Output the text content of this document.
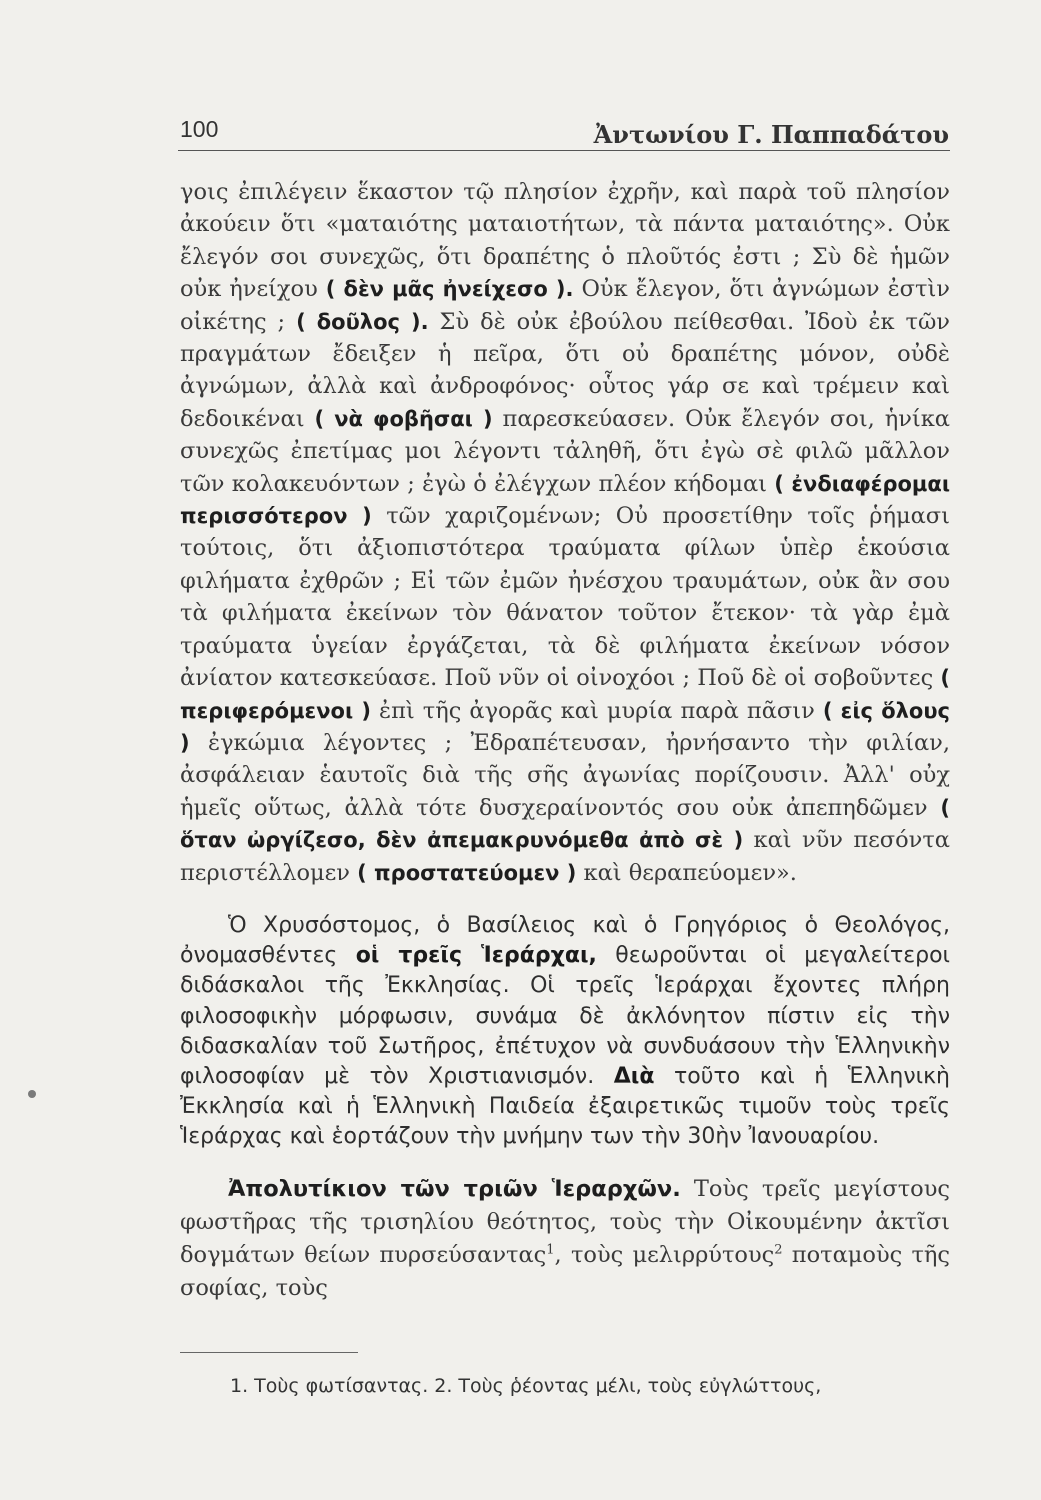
100	Ἀντωνίου Γ. Παππαδάτου

γοις ἐπιλέγειν ἕκαστον τῷ πλησίον ἐχρῆν, καὶ παρὰ τοῦ πλησίον ἀκούειν ὅτι «ματαιότης ματαιοτήτων, τὰ πάντα ματαιότης». Οὐκ ἔλεγόν σοι συνεχῶς, ὅτι δραπέτης ὁ πλοῦτός ἐστι ; Σὺ δὲ ἡμῶν οὐκ ἠνείχου ( δὲν μᾶς ἠνείχεσο ). Οὐκ ἔλεγον, ὅτι ἀγνώμων ἐστὶν οἰκέτης ; ( δοῦλος ). Σὺ δὲ οὐκ ἐβούλου πείθεσθαι. Ἰδοὺ ἐκ τῶν πραγμάτων ἔδειξεν ἡ πεῖρα, ὅτι οὐ δραπέτης μόνον, οὐδὲ ἀγνώμων, ἀλλὰ καὶ ἀνδροφόνος· οὗτος γάρ σε καὶ τρέμειν καὶ δεδοικέναι ( νὰ φοβῆσαι ) παρεσκεύασεν. Οὐκ ἔλεγόν σοι, ἡνίκα συνεχῶς ἐπετίμας μοι λέγοντι τἀληθῆ, ὅτι ἐγὼ σὲ φιλῶ μᾶλλον τῶν κολακευόντων ; ἐγὼ ὁ ἐλέγχων πλέον κήδομαι ( ἐνδιαφέρομαι περισσότερον ) τῶν χαριζομένων; Οὐ προσετίθην τοῖς ῥήμασι τούτοις, ὅτι ἀξιοπιστότερα τραύματα φίλων ὑπὲρ ἑκούσια φιλήματα ἐχθρῶν ; Εἰ τῶν ἐμῶν ἠνέσχου τραυμάτων, οὐκ ἂν σου τὰ φιλήματα ἐκείνων τὸν θάνατον τοῦτον ἔτεκον· τὰ γὰρ ἐμὰ τραύματα ὑγείαν ἐργάζεται, τὰ δὲ φιλήματα ἐκείνων νόσον ἀνίατον κατεσκεύασε. Ποῦ νῦν οἱ οἰνοχόοι ; Ποῦ δὲ οἱ σοβοῦντες ( περιφερόμενοι ) ἐπὶ τῆς ἀγορᾶς καὶ μυρία παρὰ πᾶσιν ( εἰς ὅλους ) ἐγκώμια λέγοντες ; Ἐδραπέτευσαν, ἠρνήσαντο τὴν φιλίαν, ἀσφάλειαν ἑαυτοῖς διὰ τῆς σῆς ἀγωνίας πορίζουσιν. Ἀλλ' οὐχ ἡμεῖς οὕτως, ἀλλὰ τότε δυσχεραίνοντός σου οὐκ ἀπεπηδῶμεν ( ὅταν ὠργίζεσο, δὲν ἀπεμακρυνόμεθα ἀπὸ σὲ ) καὶ νῦν πεσόντα περιστέλλομεν ( προστατεύομεν ) καὶ θεραπεύομεν».

Ὁ Χρυσόστομος, ὁ Βασίλειος καὶ ὁ Γρηγόριος ὁ Θεολόγος, ὀνομασθέντες οἱ τρεῖς Ἱεράρχαι, θεωροῦνται οἱ μεγαλείτεροι διδάσκαλοι τῆς Ἐκκλησίας. Οἱ τρεῖς Ἱεράρχαι ἔχοντες πλήρη φιλοσοφικὴν μόρφωσιν, συνάμα δὲ ἀκλόνητον πίστιν εἰς τὴν διδασκαλίαν τοῦ Σωτῆρος, ἐπέτυχον νὰ συνδυάσουν τὴν Ἑλληνικὴν φιλοσοφίαν μὲ τὸν Χριστιανισμόν. Διὰ τοῦτο καὶ ἡ Ἑλληνικὴ Ἐκκλησία καὶ ἡ Ἑλληνικὴ Παιδεία ἐξαιρετικῶς τιμοῦν τοὺς τρεῖς Ἱεράρχας καὶ ἑορτάζουν τὴν μνήμην των τὴν 30ὴν Ἰανουαρίου.

Ἀπολυτίκιον τῶν τριῶν Ἱεραρχῶν. Τοὺς τρεῖς μεγίστους φωστῆρας τῆς τρισηλίου θεότητος, τοὺς τὴν Οἰκουμένην ἀκτῖσι δογμάτων θείων πυρσεύσαντας$^1$, τοὺς μελιρρύτους$^2$ ποταμοὺς τῆς σοφίας, τοὺς

1. Τοὺς φωτίσαντας. 2. Τοὺς ῥέοντας μέλι, τοὺς εὐγλώττους,
